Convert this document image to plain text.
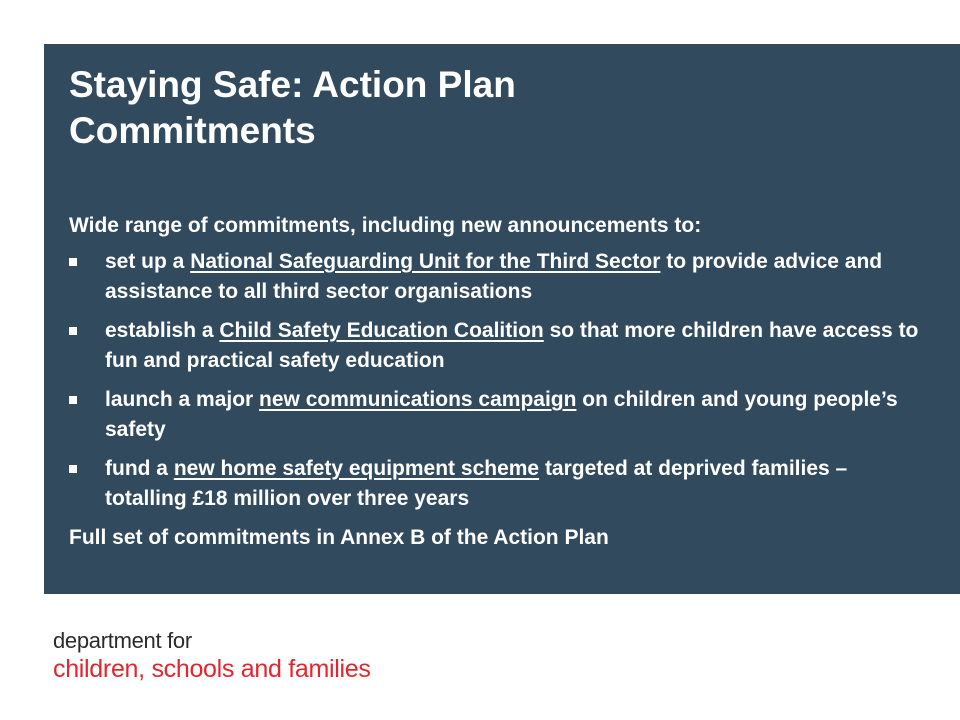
Staying Safe: Action Plan
Commitments

Wide range of commitments, including new announcements to:

set up a National Safeguarding Unit for the Third Sector to provide advice and assistance to all third sector organisations
establish a Child Safety Education Coalition so that more children have access to fun and practical safety education
launch a major new communications campaign on children and young people’s safety
fund a new home safety equipment scheme targeted at deprived families – totalling £18 million over three years

Full set of commitments in Annex B of the Action Plan

department for
children, schools and families
